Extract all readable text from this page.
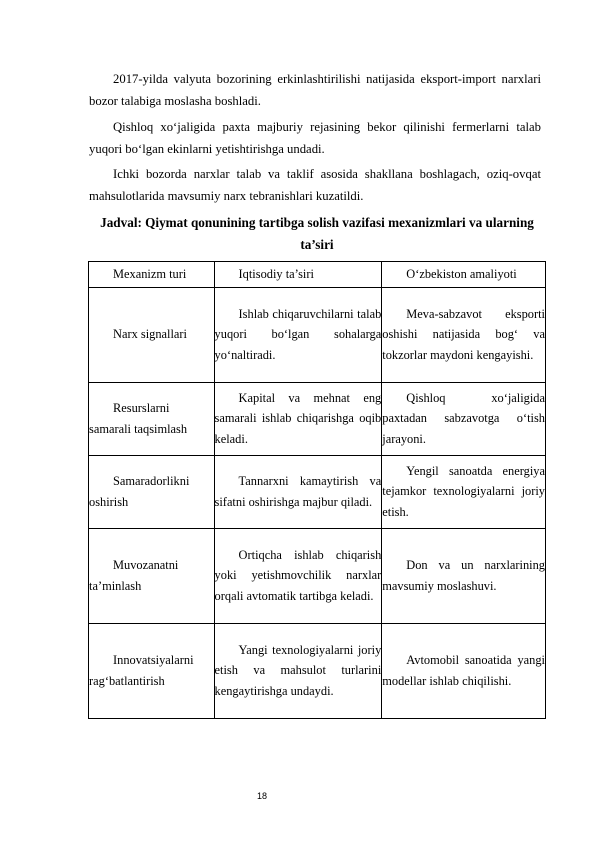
2017-yilda valyuta bozorining erkinlashtirilishi natijasida eksport-import narxlari bozor talabiga moslasha boshladi.

Qishloq xo‘jaligida paxta majburiy rejasining bekor qilinishi fermerlarni talab yuqori bo‘lgan ekinlarni yetishtirishga undadi.

Ichki bozorda narxlar talab va taklif asosida shakllana boshlagach, oziq-ovqat mahsulotlarida mavsumiy narx tebranishlari kuzatildi.

Jadval: Qiymat qonunining tartibga solish vazifasi mexanizmlari va ularning ta’siri

Mexanizm turi	Iqtisodiy ta’siri	O‘zbekiston amaliyoti
Narx signallari	Ishlab chiqaruvchilarni talab yuqori bo‘lgan sohalarga yo‘naltiradi.	Meva-sabzavot eksporti oshishi natijasida bog‘ va tokzorlar maydoni kengayishi.
Resurslarni samarali taqsimlash	Kapital va mehnat eng samarali ishlab chiqarishga oqib keladi.	Qishloq xo‘jaligida paxtadan sabzavotga o‘tish jarayoni.
Samaradorlikni oshirish	Tannarxni kamaytirish va sifatni oshirishga majbur qiladi.	Yengil sanoatda energiya tejamkor texnologiyalarni joriy etish.
Muvozanatni ta’minlash	Ortiqcha ishlab chiqarish yoki yetishmovchilik narxlar orqali avtomatik tartibga keladi.	Don va un narxlarining mavsumiy moslashuvi.
Innovatsiyalarni rag‘batlantirish	Yangi texnologiyalarni joriy etish va mahsulot turlarini kengaytirishga undaydi.	Avtomobil sanoatida yangi modellar ishlab chiqilishi.
18
